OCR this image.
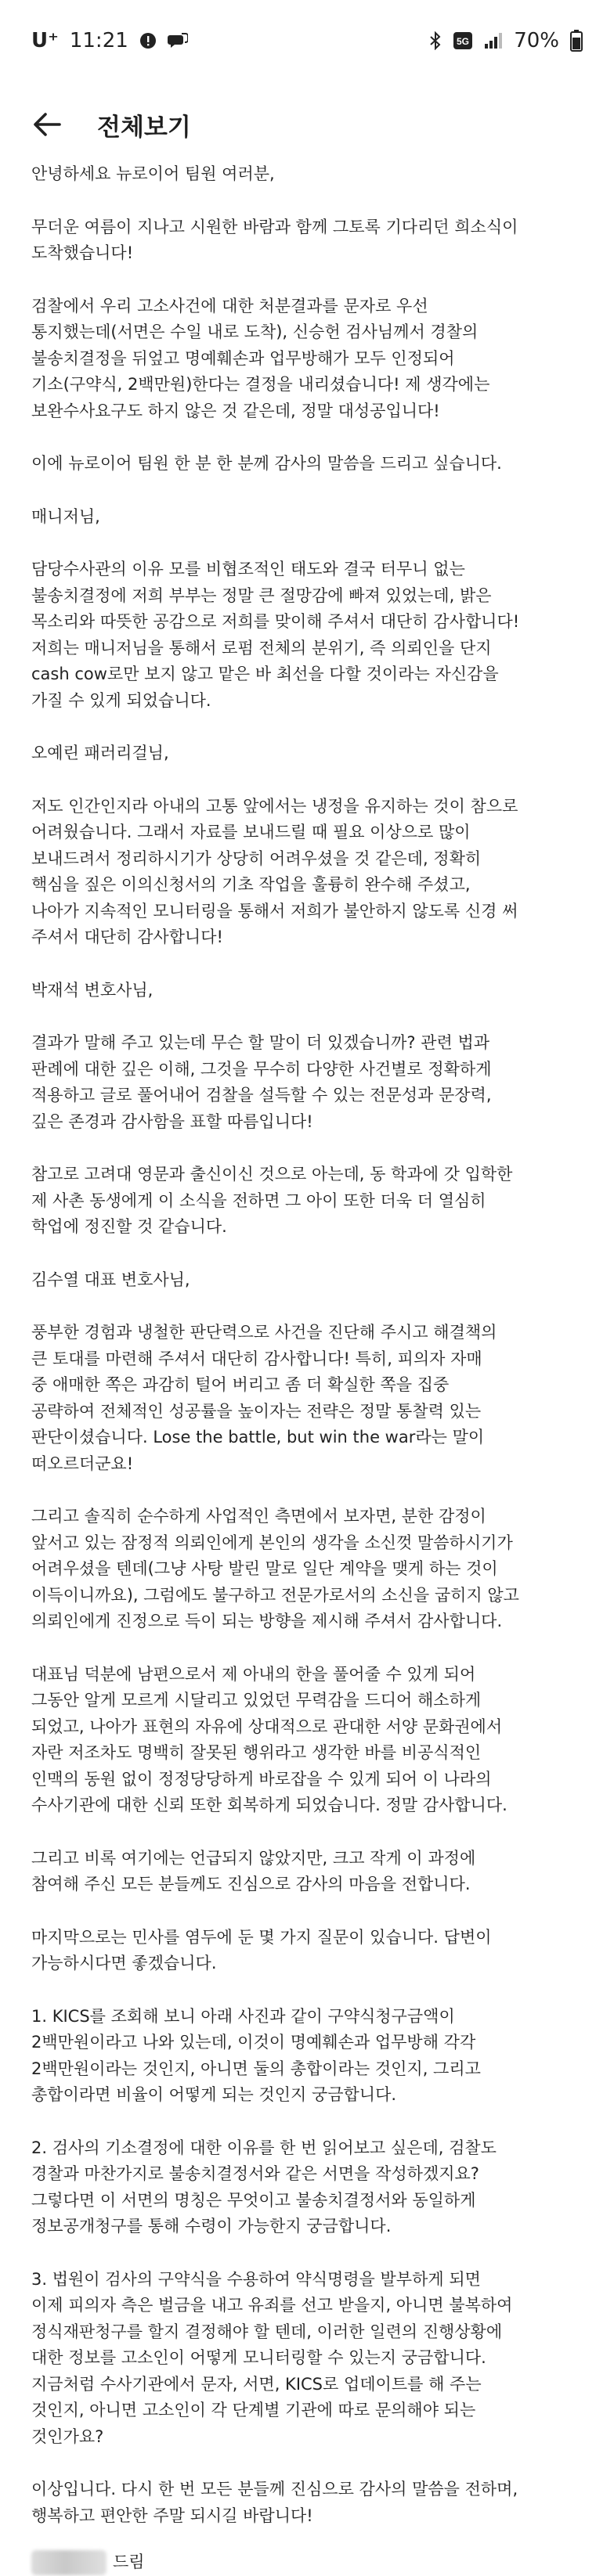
U⁺ 11:21	5G 70%
전체보기

안녕하세요 뉴로이어 팀원 여러분,

무더운 여름이 지나고 시원한 바람과 함께 그토록 기다리던 희소식이
도착했습니다!

검찰에서 우리 고소사건에 대한 처분결과를 문자로 우선
통지했는데(서면은 수일 내로 도착), 신승헌 검사님께서 경찰의
불송치결정을 뒤엎고 명예훼손과 업무방해가 모두 인정되어
기소(구약식, 2백만원)한다는 결정을 내리셨습니다! 제 생각에는
보완수사요구도 하지 않은 것 같은데, 정말 대성공입니다!

이에 뉴로이어 팀원 한 분 한 분께 감사의 말씀을 드리고 싶습니다.

매니저님,

담당수사관의 이유 모를 비협조적인 태도와 결국 터무니 없는
불송치결정에 저희 부부는 정말 큰 절망감에 빠져 있었는데, 밝은
목소리와 따뜻한 공감으로 저희를 맞이해 주셔서 대단히 감사합니다!
저희는 매니저님을 통해서 로펌 전체의 분위기, 즉 의뢰인을 단지
cash cow로만 보지 않고 맡은 바 최선을 다할 것이라는 자신감을
가질 수 있게 되었습니다.

오예린 패러리걸님,

저도 인간인지라 아내의 고통 앞에서는 냉정을 유지하는 것이 참으로
어려웠습니다. 그래서 자료를 보내드릴 때 필요 이상으로 많이
보내드려서 정리하시기가 상당히 어려우셨을 것 같은데, 정확히
핵심을 짚은 이의신청서의 기초 작업을 훌륭히 완수해 주셨고,
나아가 지속적인 모니터링을 통해서 저희가 불안하지 않도록 신경 써
주셔서 대단히 감사합니다!

박재석 변호사님,

결과가 말해 주고 있는데 무슨 할 말이 더 있겠습니까? 관련 법과
판례에 대한 깊은 이해, 그것을 무수히 다양한 사건별로 정확하게
적용하고 글로 풀어내어 검찰을 설득할 수 있는 전문성과 문장력,
깊은 존경과 감사함을 표할 따름입니다!

참고로 고려대 영문과 출신이신 것으로 아는데, 동 학과에 갓 입학한
제 사촌 동생에게 이 소식을 전하면 그 아이 또한 더욱 더 열심히
학업에 정진할 것 같습니다.

김수열 대표 변호사님,

풍부한 경험과 냉철한 판단력으로 사건을 진단해 주시고 해결책의
큰 토대를 마련해 주셔서 대단히 감사합니다! 특히, 피의자 자매
중 애매한 쪽은 과감히 털어 버리고 좀 더 확실한 쪽을 집중
공략하여 전체적인 성공률을 높이자는 전략은 정말 통찰력 있는
판단이셨습니다. Lose the battle, but win the war라는 말이
떠오르더군요!

그리고 솔직히 순수하게 사업적인 측면에서 보자면, 분한 감정이
앞서고 있는 잠정적 의뢰인에게 본인의 생각을 소신껏 말씀하시기가
어려우셨을 텐데(그냥 사탕 발린 말로 일단 계약을 맺게 하는 것이
이득이니까요), 그럼에도 불구하고 전문가로서의 소신을 굽히지 않고
의뢰인에게 진정으로 득이 되는 방향을 제시해 주셔서 감사합니다.

대표님 덕분에 남편으로서 제 아내의 한을 풀어줄 수 있게 되어
그동안 알게 모르게 시달리고 있었던 무력감을 드디어 해소하게
되었고, 나아가 표현의 자유에 상대적으로 관대한 서양 문화권에서
자란 저조차도 명백히 잘못된 행위라고 생각한 바를 비공식적인
인맥의 동원 없이 정정당당하게 바로잡을 수 있게 되어 이 나라의
수사기관에 대한 신뢰 또한 회복하게 되었습니다. 정말 감사합니다.

그리고 비록 여기에는 언급되지 않았지만, 크고 작게 이 과정에
참여해 주신 모든 분들께도 진심으로 감사의 마음을 전합니다.

마지막으로는 민사를 염두에 둔 몇 가지 질문이 있습니다. 답변이
가능하시다면 좋겠습니다.

1. KICS를 조회해 보니 아래 사진과 같이 구약식청구금액이
2백만원이라고 나와 있는데, 이것이 명예훼손과 업무방해 각각
2백만원이라는 것인지, 아니면 둘의 총합이라는 것인지, 그리고
총합이라면 비율이 어떻게 되는 것인지 궁금합니다.

2. 검사의 기소결정에 대한 이유를 한 번 읽어보고 싶은데, 검찰도
경찰과 마찬가지로 불송치결정서와 같은 서면을 작성하겠지요?
그렇다면 이 서면의 명칭은 무엇이고 불송치결정서와 동일하게
정보공개청구를 통해 수령이 가능한지 궁금합니다.

3. 법원이 검사의 구약식을 수용하여 약식명령을 발부하게 되면
이제 피의자 측은 벌금을 내고 유죄를 선고 받을지, 아니면 불복하여
정식재판청구를 할지 결정해야 할 텐데, 이러한 일련의 진행상황에
대한 정보를 고소인이 어떻게 모니터링할 수 있는지 궁금합니다.
지금처럼 수사기관에서 문자, 서면, KICS로 업데이트를 해 주는
것인지, 아니면 고소인이 각 단계별 기관에 따로 문의해야 되는
것인가요?

이상입니다. 다시 한 번 모든 분들께 진심으로 감사의 말씀을 전하며,
행복하고 편안한 주말 되시길 바랍니다!

드림
